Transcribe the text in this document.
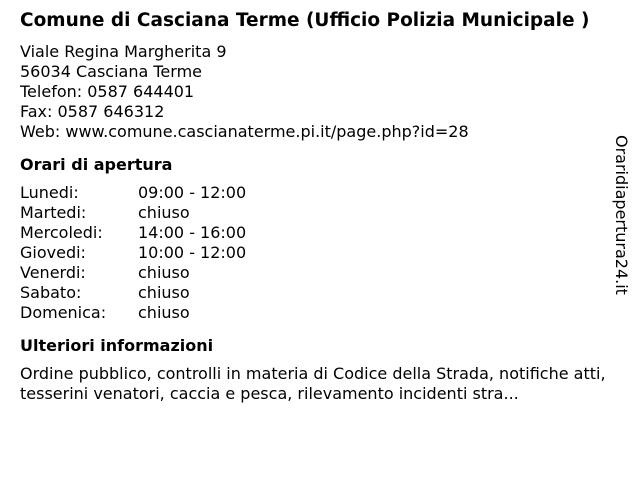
Comune di Casciana Terme (Ufficio Polizia Municipale )
Viale Regina Margherita 9
56034 Casciana Terme
Telefon: 0587 644401
Fax: 0587 646312
Web: www.comune.cascianaterme.pi.it/page.php?id=28
Orari di apertura
Lunedi:	09:00 - 12:00
Martedi:	chiuso
Mercoledi:	14:00 - 16:00
Giovedi:	10:00 - 12:00
Venerdi:	chiuso
Sabato:	chiuso
Domenica:	chiuso
Ulteriori informazioni
Ordine pubblico, controlli in materia di Codice della Strada, notifiche atti, tesserini venatori, caccia e pesca, rilevamento incidenti stra...
Oraridiapertura24.it
